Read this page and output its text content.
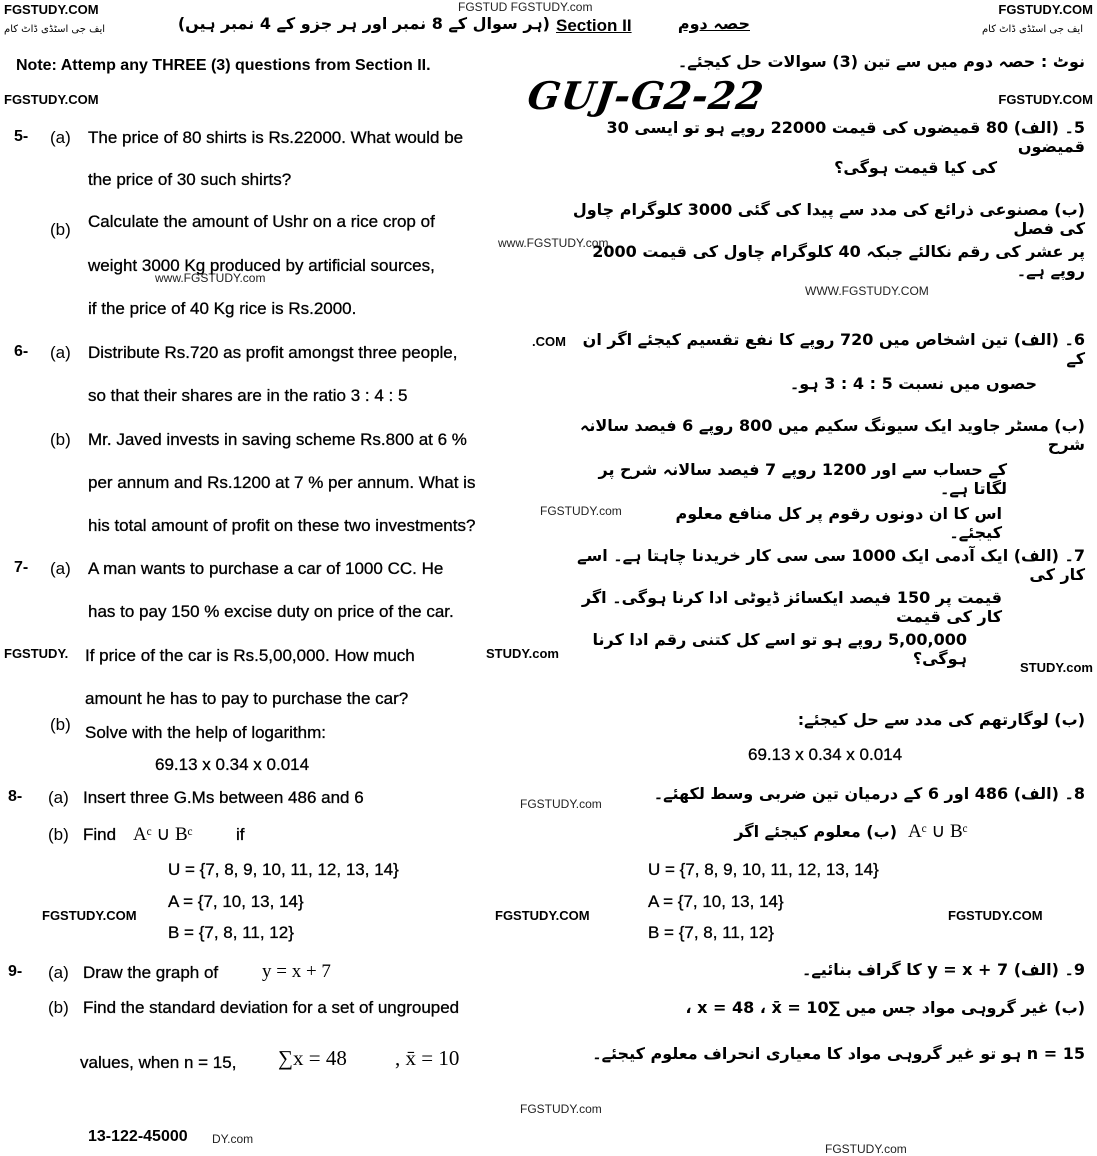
FGSTUDY.COM	FGSTUD FGSTUDY.com	FGSTUDY.COM
ایف جی اسٹڈی ڈاٹ کام	ایف جی اسٹڈی ڈاٹ کام
FGSTUDY.COM	FGSTUDY.COM
www.FGSTUDY.com
www.FGSTUDY.com
WWW.FGSTUDY.COM
.COM
FGSTUDY.com
FGSTUDY.	STUDY.com
STUDY.com
FGSTUDY.com
FGSTUDY.COM	FGSTUDY.COM	FGSTUDY.COM
FGSTUDY.com
FGSTUDY.com
(ہر سوال کے 8 نمبر اور ہر جزو کے 4 نمبر ہیں) Section II	حصہ دوم
Note: Attemp any THREE (3) questions from Section II.	نوٹ : حصہ دوم میں سے تین (3) سوالات حل کیجئے۔
GUJ-G2-22
5- (a) The price of 80 shirts is Rs.22000. What would be
the price of 30 such shirts?
(b) Calculate the amount of Ushr on a rice crop of
weight 3000 Kg produced by artificial sources,
if the price of 40 Kg rice is Rs.2000.
5۔ (الف) 80 قمیضوں کی قیمت 22000 روپے ہو تو ایسی 30 قمیضوں
کی کیا قیمت ہوگی؟
(ب) مصنوعی ذرائع کی مدد سے پیدا کی گئی 3000 کلوگرام چاول کی فصل
پر عشر کی رقم نکالئے جبکہ 40 کلوگرام چاول کی قیمت 2000 روپے ہے۔
6- (a) Distribute Rs.720 as profit amongst three people,
so that their shares are in the ratio 3 : 4 : 5
(b) Mr. Javed invests in saving scheme Rs.800 at 6 %
per annum and Rs.1200 at 7 % per annum. What is
his total amount of profit on these two investments?
6۔ (الف) تین اشخاص میں 720 روپے کا نفع تقسیم کیجئے اگر ان کے
حصوں میں نسبت 5 : 4 : 3 ہو۔
(ب) مسٹر جاوید ایک سیونگ سکیم میں 800 روپے 6 فیصد سالانہ شرح
کے حساب سے اور 1200 روپے 7 فیصد سالانہ شرح پر لگاتا ہے۔
اس کا ان دونوں رقوم پر کل منافع معلوم کیجئے۔
7- (a) A man wants to purchase a car of 1000 CC. He
has to pay 150 % excise duty on price of the car.
If price of the car is Rs.5,00,000. How much
amount he has to pay to purchase the car?
(b) Solve with the help of logarithm:
69.13 x 0.34 x 0.014
7۔ (الف) ایک آدمی ایک 1000 سی سی کار خریدنا چاہتا ہے۔ اسے کار کی
قیمت پر 150 فیصد ایکسائز ڈیوٹی ادا کرنا ہوگی۔ اگر کار کی قیمت
5,00,000 روپے ہو تو اسے کل کتنی رقم ادا کرنا ہوگی؟
(ب) لوگارتھم کی مدد سے حل کیجئے:
69.13 x 0.34 x 0.014
8- (a) Insert three G.Ms between 486 and 6
(b) Find Aᶜ ∪ Bᶜ	if
U = {7, 8, 9, 10, 11, 12, 13, 14}
A = {7, 10, 13, 14}
B = {7, 8, 11, 12}
8۔ (الف) 486 اور 6 کے درمیان تین ضربی وسط لکھئے۔
(ب) معلوم کیجئے اگر Aᶜ ∪ Bᶜ
U = {7, 8, 9, 10, 11, 12, 13, 14}
A = {7, 10, 13, 14}
B = {7, 8, 11, 12}
9- (a) Draw the graph of y = x + 7
(b) Find the standard deviation for a set of ungrouped
values, when n = 15, ∑x = 48 , x̄ = 10
9۔ (الف) y = x + 7 کا گراف بنائیے۔
(ب) غیر گروہی مواد جس میں ∑x = 48 ، x̄ = 10 ،
n = 15 ہو تو غیر گروہی مواد کا معیاری انحراف معلوم کیجئے۔
13-122-45000 DY.com
